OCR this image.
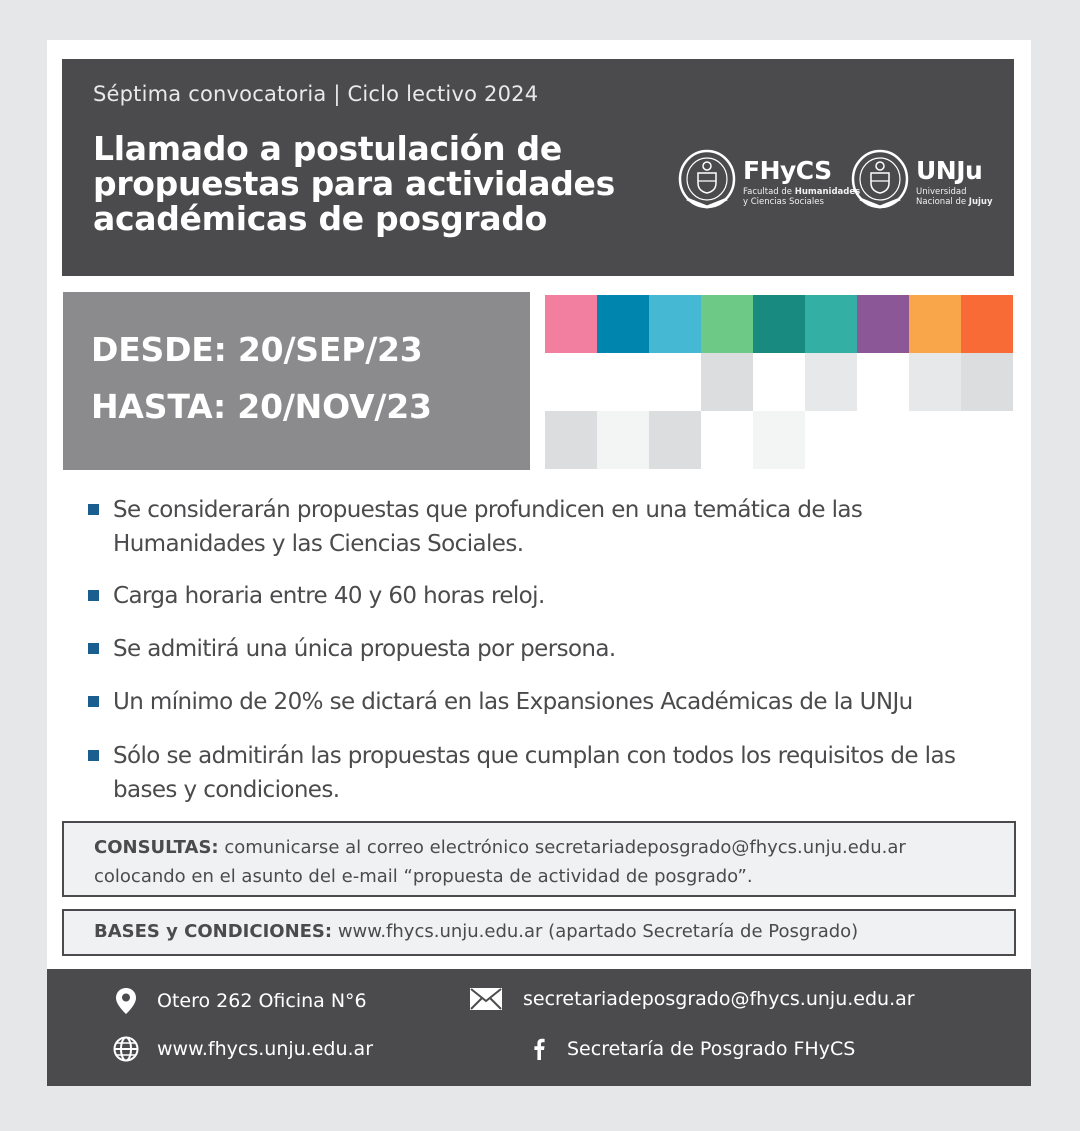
Séptima convocatoria | Ciclo lectivo 2024
Llamado a postulación de
propuestas para actividades
académicas de posgrado
FHyCS
Facultad de Humanidades
y Ciencias Sociales
UNJu
Universidad
Nacional de Jujuy
DESDE: 20/SEP/23
HASTA: 20/NOV/23
Se considerarán propuestas que profundicen en una temática de las Humanidades y las Ciencias Sociales.
Carga horaria entre 40 y 60 horas reloj.
Se admitirá una única propuesta por persona.
Un mínimo de 20% se dictará en las Expansiones Académicas de la UNJu
Sólo se admitirán las propuestas que cumplan con todos los requisitos de las bases y condiciones.
CONSULTAS: comunicarse al correo electrónico secretariadeposgrado@fhycs.unju.edu.ar
colocando en el asunto del e-mail “propuesta de actividad de posgrado”.
BASES y CONDICIONES: www.fhycs.unju.edu.ar (apartado Secretaría de Posgrado)
Otero 262 Oficina N°6	secretariadeposgrado@fhycs.unju.edu.ar
www.fhycs.unju.edu.ar	Secretaría de Posgrado FHyCS
